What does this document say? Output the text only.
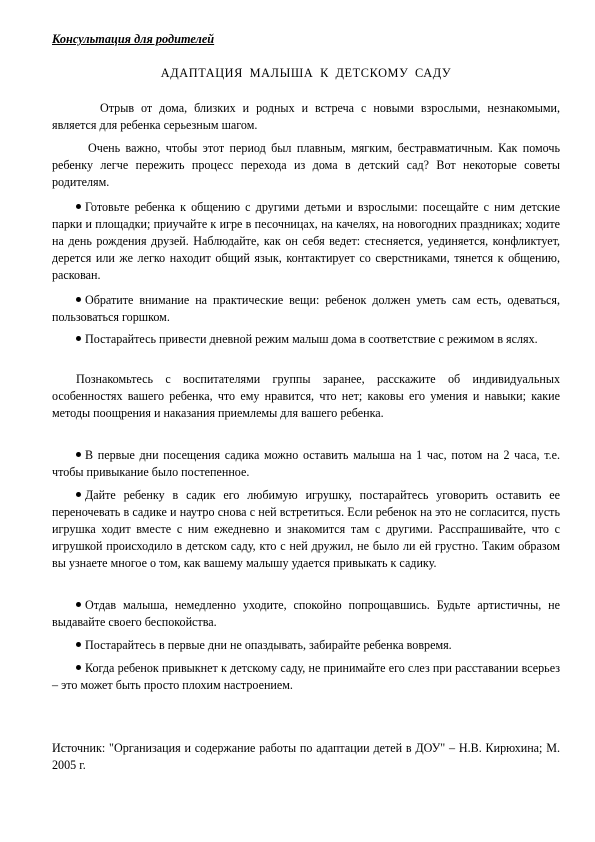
Консультация для родителей

АДАПТАЦИЯ МАЛЫША К ДЕТСКОМУ САДУ

Отрыв от дома, близких и родных и встреча с новыми взрослыми, незнакомыми, является для ребенка серьезным шагом.

Очень важно, чтобы этот период был плавным, мягким, бестравматичным. Как помочь ребенку легче пережить процесс перехода из дома в детский сад? Вот некоторые советы родителям.

Готовьте ребенка к общению с другими детьми и взрослыми: посещайте с ним детские парки и площадки; приучайте к игре в песочницах, на качелях, на новогодних праздниках; ходите на день рождения друзей. Наблюдайте, как он себя ведет: стесняется, уединяется, конфликтует, дерется или же легко находит общий язык, контактирует со сверстниками, тянется к общению, раскован.

Обратите внимание на практические вещи: ребенок должен уметь сам есть, одеваться, пользоваться горшком.

Постарайтесь привести дневной режим малыш дома в соответствие с режимом в яслях.

Познакомьтесь с воспитателями группы заранее, расскажите об индивидуальных особенностях вашего ребенка, что ему нравится, что нет; каковы его умения и навыки; какие методы поощрения и наказания приемлемы для вашего ребенка.

В первые дни посещения садика можно оставить малыша на 1 час, потом на 2 часа, т.е. чтобы привыкание было постепенное.

Дайте ребенку в садик его любимую игрушку, постарайтесь уговорить оставить ее переночевать в садике и наутро снова с ней встретиться. Если ребенок на это не согласится, пусть игрушка ходит вместе с ним ежедневно и знакомится там с другими. Расспрашивайте, что с игрушкой происходило в детском саду, кто с ней дружил, не было ли ей грустно. Таким образом вы узнаете многое о том, как вашему малышу удается привыкать к садику.

Отдав малыша, немедленно уходите, спокойно попрощавшись. Будьте артистичны, не выдавайте своего беспокойства.

Постарайтесь в первые дни не опаздывать, забирайте ребенка вовремя.

Когда ребенок привыкнет к детскому саду, не принимайте его слез при расставании всерьез – это может быть просто плохим настроением.

Источник: "Организация и содержание работы по адаптации детей в ДОУ" – Н.В. Кирюхина; М. 2005 г.
